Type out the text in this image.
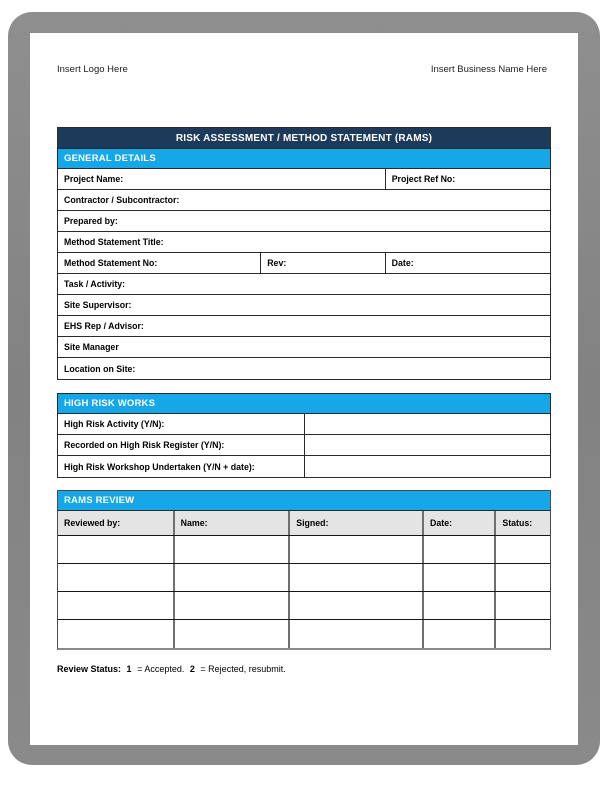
Insert Logo Here	Insert Business Name Here
RISK ASSESSMENT / METHOD STATEMENT (RAMS)
GENERAL DETAILS
Project Name:	Project Ref No:
Contractor / Subcontractor:
Prepared by:
Method Statement Title:
Method Statement No:	Rev:	Date:
Task / Activity:
Site Supervisor:
EHS Rep / Advisor:
Site Manager
Location on Site:
HIGH RISK WORKS
High Risk Activity (Y/N):
Recorded on High Risk Register (Y/N):
High Risk Workshop Undertaken (Y/N + date):
RAMS REVIEW
Reviewed by:	Name:	Signed:	Date:	Status:
Review Status: 1 = Accepted. 2 = Rejected, resubmit.
